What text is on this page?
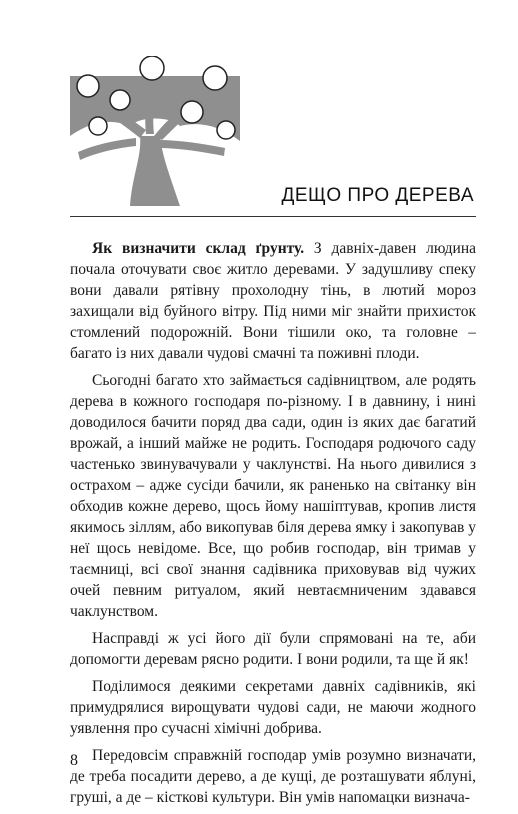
ДЕЩО ПРО ДЕРЕВА

Як визначити склад ґрунту. З давніх-давен людина почала оточувати своє житло деревами. У задушливу спеку вони давали рятівну прохолодну тінь, в лютий мороз захищали від буйного вітру. Під ними міг знайти прихисток стомлений подорожній. Вони тішили око, та головне – багато із них давали чудові смачні та поживні плоди.

Сьогодні багато хто займається садівництвом, але родять дерева в кожного господаря по-різному. І в давнину, і нині доводилося бачити поряд два сади, один із яких дає багатий врожай, а інший майже не родить. Господаря родючого саду частенько звинувачували у чаклунстві. На нього дивилися з острахом – адже сусіди бачили, як раненько на світанку він обходив кожне дерево, щось йому нашіптував, кропив листя якимось зіллям, або викопував біля дерева ямку і закопував у неї щось невідоме. Все, що робив господар, він тримав у таємниці, всі свої знання садівника приховував від чужих очей певним ритуалом, який невтаємниченим здавався чаклунством.

Насправді ж усі його дії були спрямовані на те, аби допомогти деревам рясно родити. І вони родили, та ще й як!

Поділимося деякими секретами давніх садівників, які примудрялися вирощувати чудові сади, не маючи жодного уявлення про сучасні хімічні добрива.

Передовсім справжній господар умів розумно визначати, де треба посадити дерево, а де кущі, де розташувати яблуні, груші, а де – кісткові культури. Він умів напомацки визнача-

8
